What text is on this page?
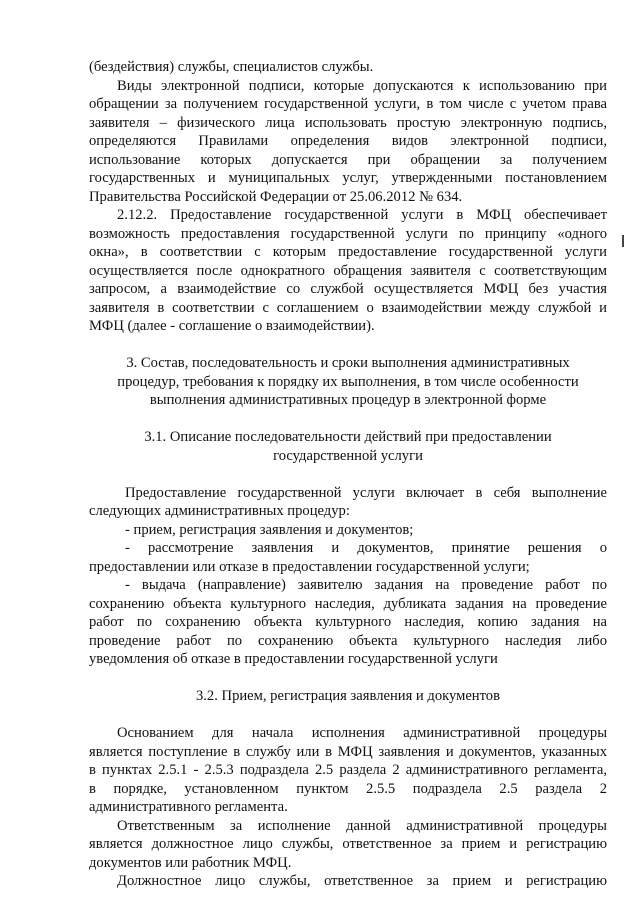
(бездействия) службы, специалистов службы.
Виды электронной подписи, которые допускаются к использованию при
обращении за получением государственной услуги, в том числе с учетом права
заявителя – физического лица использовать простую электронную подпись,
определяются Правилами определения видов электронной подписи,
использование которых допускается при обращении за получением
государственных и муниципальных услуг, утвержденными постановлением
Правительства Российской Федерации от 25.06.2012 № 634.
2.12.2. Предоставление государственной услуги в МФЦ обеспечивает
возможность предоставления государственной услуги по принципу «одного
окна», в соответствии с которым предоставление государственной услуги
осуществляется после однократного обращения заявителя с соответствующим
запросом, а взаимодействие со службой осуществляется МФЦ без участия
заявителя в соответствии с соглашением о взаимодействии между службой и
МФЦ (далее - соглашение о взаимодействии).
3. Состав, последовательность и сроки выполнения административных
процедур, требования к порядку их выполнения, в том числе особенности
выполнения административных процедур в электронной форме
3.1. Описание последовательности действий при предоставлении
государственной услуги
Предоставление государственной услуги включает в себя выполнение
следующих административных процедур:
- прием, регистрация заявления и документов;
- рассмотрение заявления и документов, принятие решения о
предоставлении или отказе в предоставлении государственной услуги;
- выдача (направление) заявителю задания на проведение работ по
сохранению объекта культурного наследия, дубликата задания на проведение
работ по сохранению объекта культурного наследия, копию задания на
проведение работ по сохранению объекта культурного наследия либо
уведомления об отказе в предоставлении государственной услуги
3.2. Прием, регистрация заявления и документов
Основанием для начала исполнения административной процедуры
является поступление в службу или в МФЦ заявления и документов, указанных
в пунктах 2.5.1 - 2.5.3 подраздела 2.5 раздела 2 административного регламента,
в порядке, установленном пунктом 2.5.5 подраздела 2.5 раздела 2
административного регламента.
Ответственным за исполнение данной административной процедуры
является должностное лицо службы, ответственное за прием и регистрацию
документов или работник МФЦ.
Должностное лицо службы, ответственное за прием и регистрацию
